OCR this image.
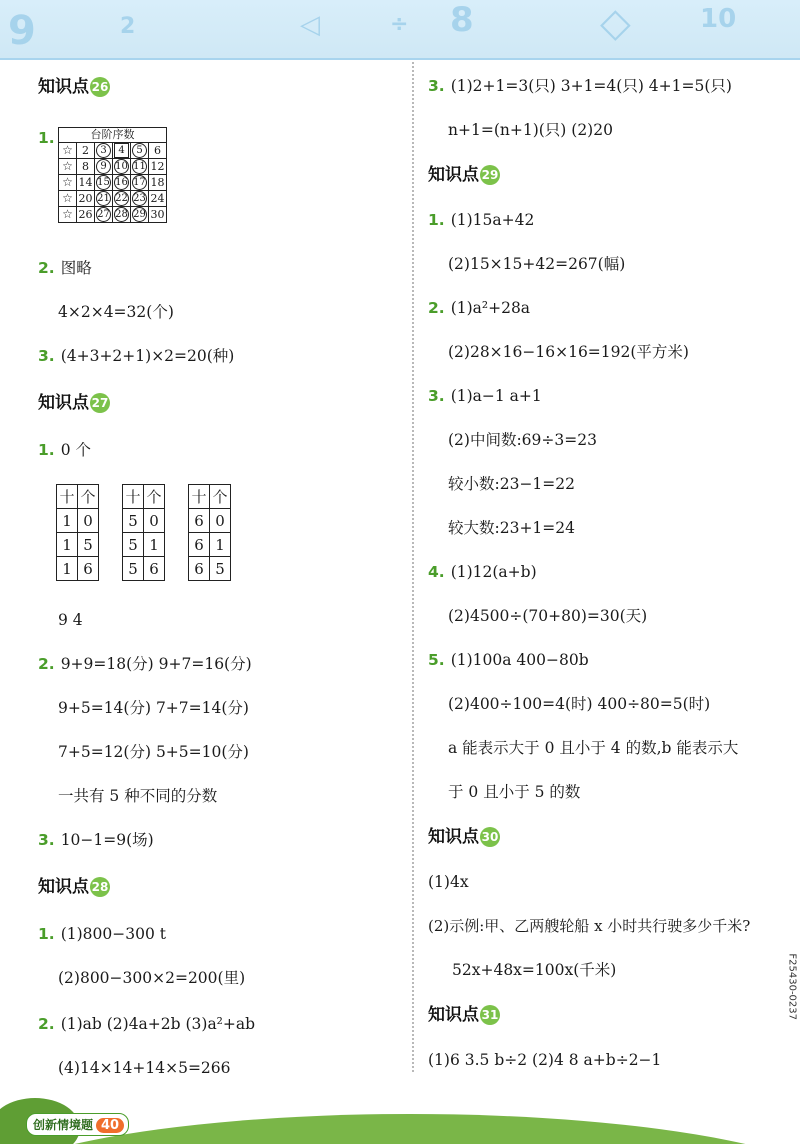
9	2	◁	÷ 8	◇	10
知识点 26
1.	台阶序数					
☆	2	3	4	5	6
☆	8	9	10	11	12
☆	14	15	16	17	18
☆	20	21	22	23	24
☆	26	27	28	29	30
2. 图略
4×2×4=32(个)
3. (4+3+2+1)×2=20(种)
知识点 27
1. 0 个
十	个
1	0
1	5
1	6
十	个
5	0
5	1
5	6
十	个
6	0
6	1
6	5
9 4
2. 9+9=18(分) 9+7=16(分)
9+5=14(分) 7+7=14(分)
7+5=12(分) 5+5=10(分)
一共有 5 种不同的分数
3. 10−1=9(场)
知识点 28
1. (1)800−300 t
(2)800−300×2=200(里)
2. (1)ab (2)4a+2b (3)a²+ab
(4)14×14+14×5=266
3. (1)2+1=3(只) 3+1=4(只) 4+1=5(只)
n+1=(n+1)(只) (2)20
知识点 29
1. (1)15a+42
(2)15×15+42=267(幅)
2. (1)a²+28a
(2)28×16−16×16=192(平方米)
3. (1)a−1 a+1
(2)中间数:69÷3=23
较小数:23−1=22
较大数:23+1=24
4. (1)12(a+b)
(2)4500÷(70+80)=30(天)
5. (1)100a 400−80b
(2)400÷100=4(时) 400÷80=5(时)
a 能表示大于 0 且小于 4 的数,b 能表示大
于 0 且小于 5 的数
知识点 30
(1)4x
(2)示例:甲、乙两艘轮船 x 小时共行驶多少千米?
52x+48x=100x(千米)
知识点 31
(1)6 3.5 b÷2 (2)4 8 a+b÷2−1
F25430-0237
创新情境题 40
